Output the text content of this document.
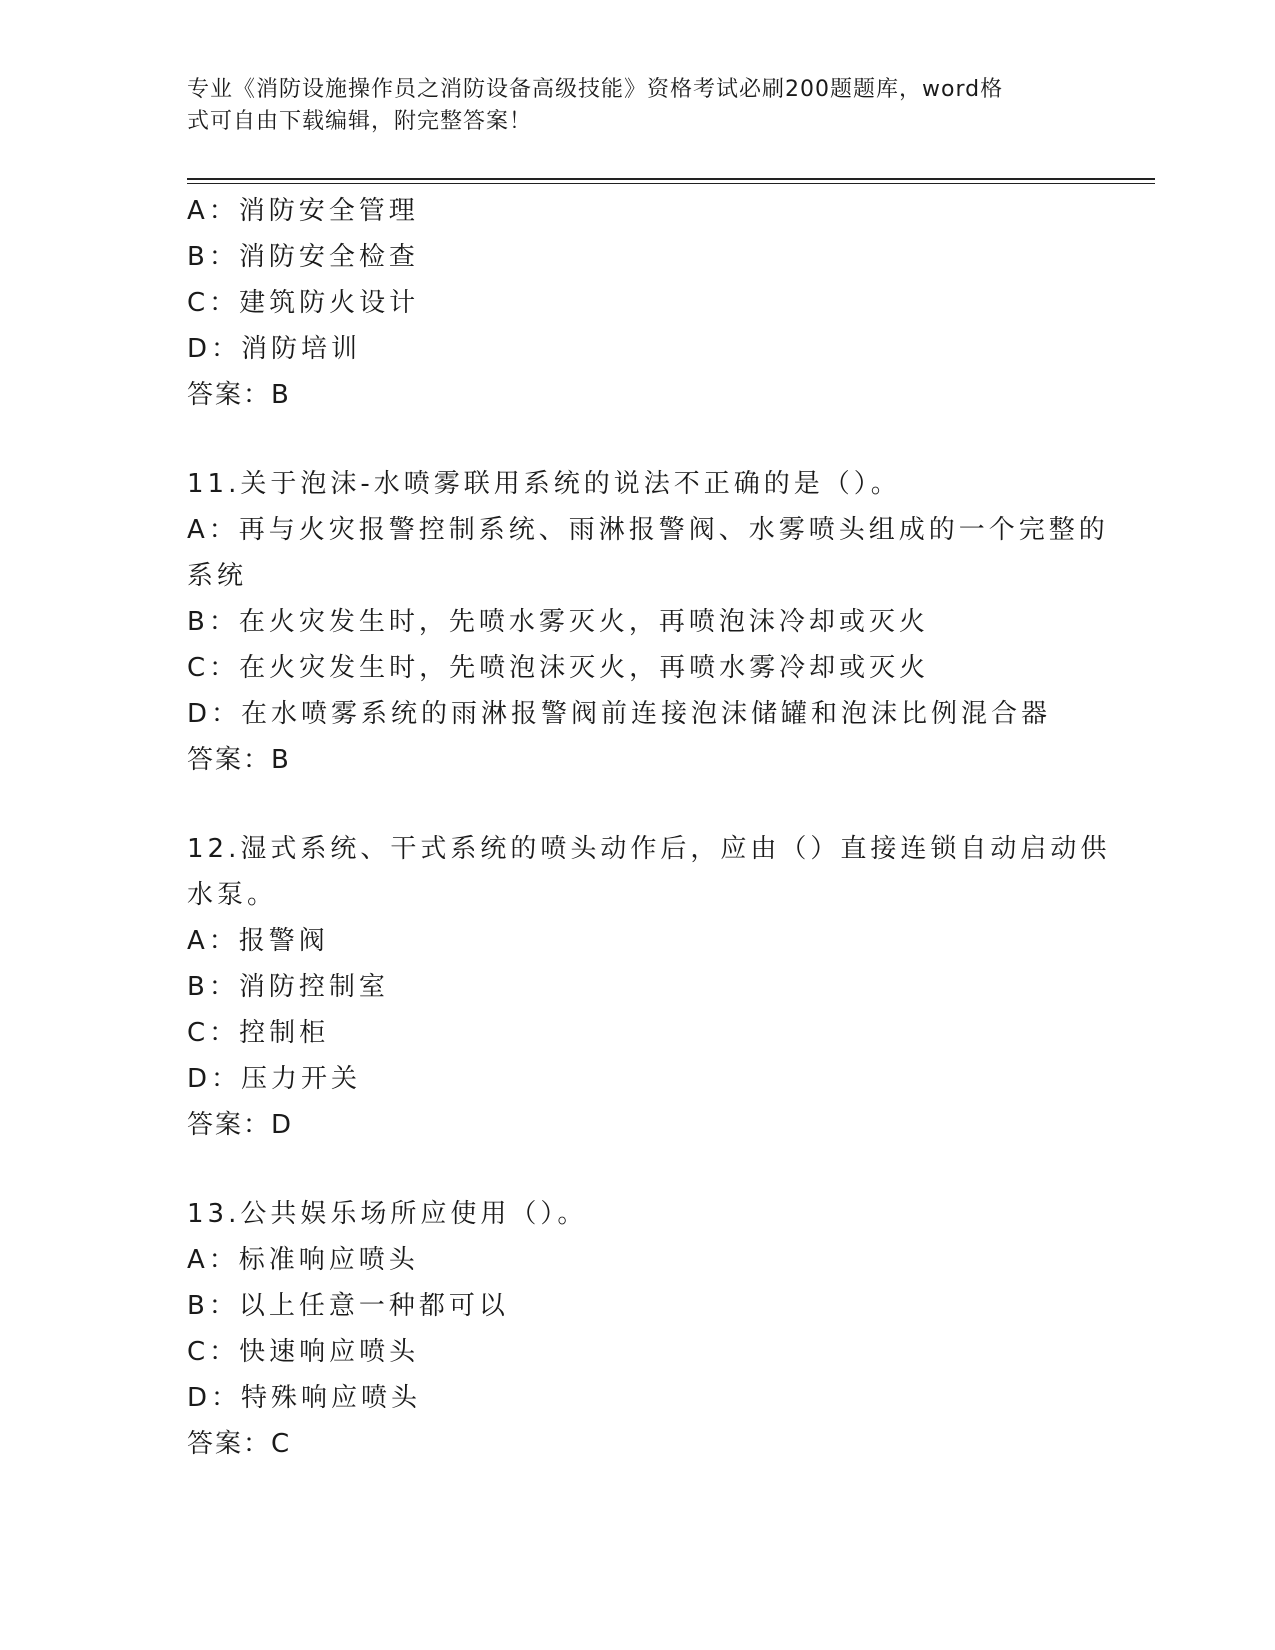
专业《消防设施操作员之消防设备高级技能》资格考试必刷200题题库，word格
式可自由下载编辑，附完整答案！
A：消防安全管理
B：消防安全检查
C：建筑防火设计
D：消防培训
答案：B
11.关于泡沫-水喷雾联用系统的说法不正确的是（）。
A：再与火灾报警控制系统、雨淋报警阀、水雾喷头组成的一个完整的
系统
B：在火灾发生时，先喷水雾灭火，再喷泡沫冷却或灭火
C：在火灾发生时，先喷泡沫灭火，再喷水雾冷却或灭火
D：在水喷雾系统的雨淋报警阀前连接泡沫储罐和泡沫比例混合器
答案：B
12.湿式系统、干式系统的喷头动作后，应由（）直接连锁自动启动供
水泵。
A：报警阀
B：消防控制室
C：控制柜
D：压力开关
答案：D
13.公共娱乐场所应使用（）。
A：标准响应喷头
B：以上任意一种都可以
C：快速响应喷头
D：特殊响应喷头
答案：C
